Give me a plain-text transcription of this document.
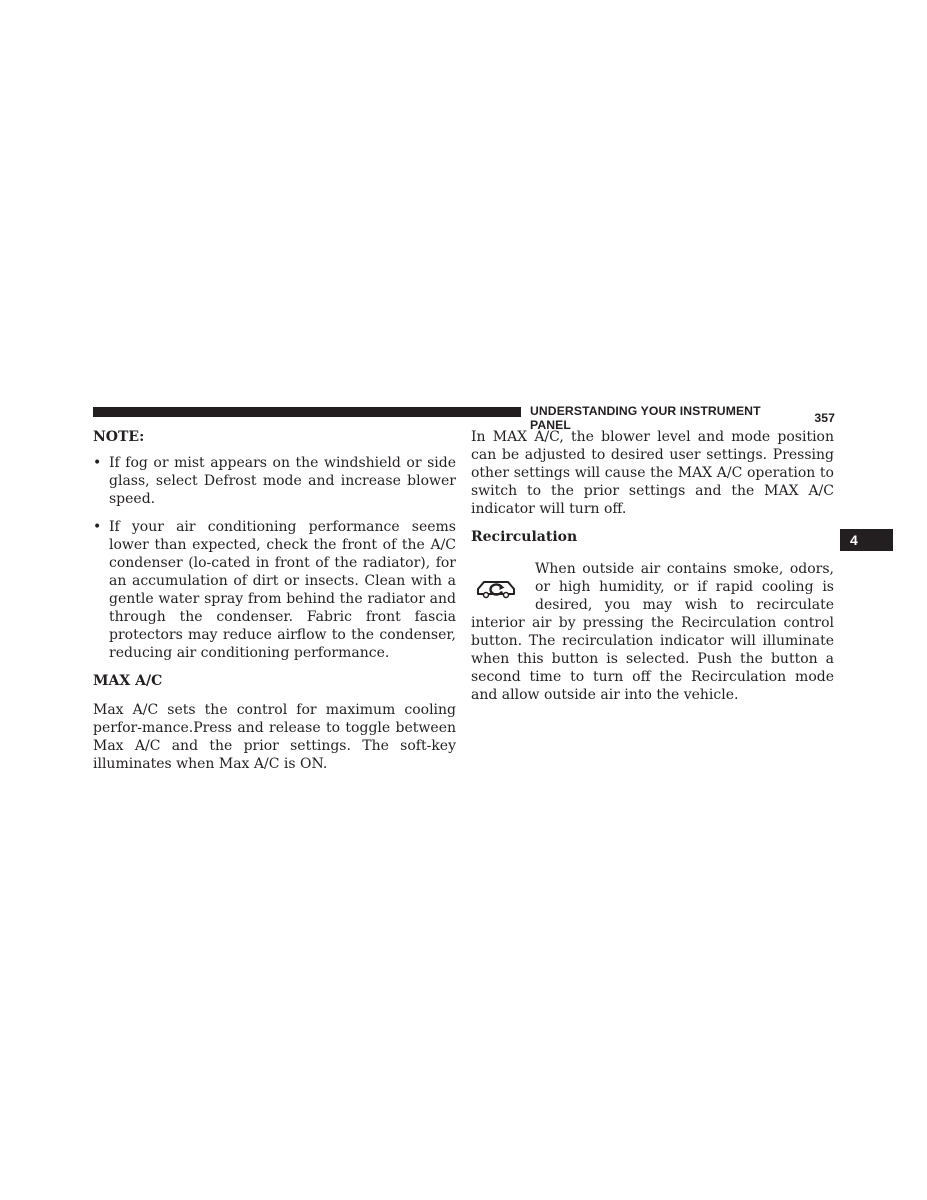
UNDERSTANDING YOUR INSTRUMENT PANEL	357
4

NOTE:

• If fog or mist appears on the windshield or side glass, select Defrost mode and increase blower speed.
• If your air conditioning performance seems lower than expected, check the front of the A/C condenser (lo-cated in front of the radiator), for an accumulation of dirt or insects. Clean with a gentle water spray from behind the radiator and through the condenser. Fabric front fascia protectors may reduce airflow to the condenser, reducing air conditioning performance.

MAX A/C

Max A/C sets the control for maximum cooling perfor-mance.Press and release to toggle between Max A/C and the prior settings. The soft-key illuminates when Max A/C is ON.

In MAX A/C, the blower level and mode position can be adjusted to desired user settings. Pressing other settings will cause the MAX A/C operation to switch to the prior settings and the MAX A/C indicator will turn off.

Recirculation

When outside air contains smoke, odors, or high humidity, or if rapid cooling is desired, you may wish to recirculate interior air by pressing the Recirculation control button. The recirculation indicator will illuminate when this button is selected. Push the button a second time to turn off the Recirculation mode and allow outside air into the vehicle.
